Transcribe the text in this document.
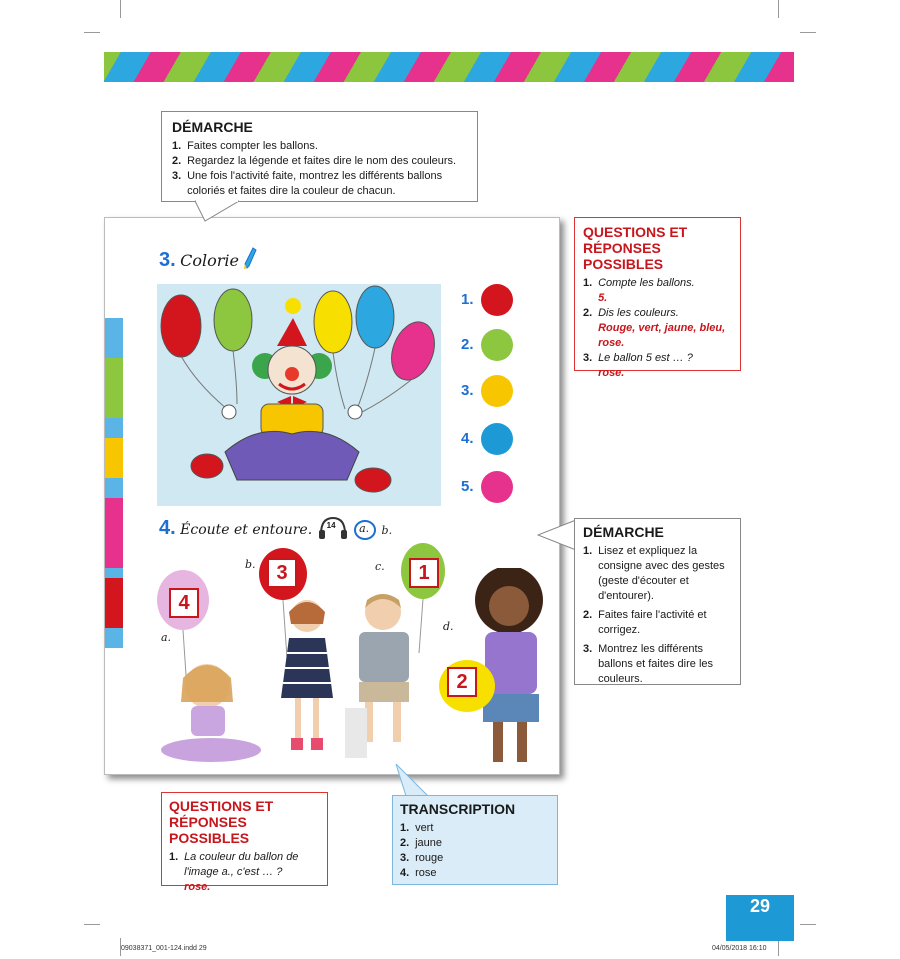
3. Colorie
1.
2.
3.
4.
5.
4. Écoute et entoure. 14
a. b.
4
a.
b.	3	c.	1
d.
2
DÉMARCHE
1.
Faites compter les ballons.
2.
Regardez la légende et faites dire le nom des couleurs.
3.
Une fois l'activité faite, montrez les différents ballons coloriés et faites dire la couleur de chacun.
QUESTIONS ET
RÉPONSES POSSIBLES
1.
Compte les ballons.
5.
2.
Dis les couleurs.
Rouge, vert, jaune, bleu, rose.
3.
Le ballon 5 est … ?
rose.
DÉMARCHE
1.
Lisez et expliquez la consigne avec des gestes (geste d'écouter et d'entourer).
2.
Faites faire l'activité et corrigez.
3.
Montrez les différents ballons et faites dire les couleurs.
QUESTIONS ET
RÉPONSES POSSIBLES
1.
La couleur du ballon de l'image a., c'est … ?
rose.
TRANSCRIPTION
1.
vert
2.
jaune
3.
rouge
4.
rose
29
09038371_001-124.indd 29	04/05/2018 16:10
